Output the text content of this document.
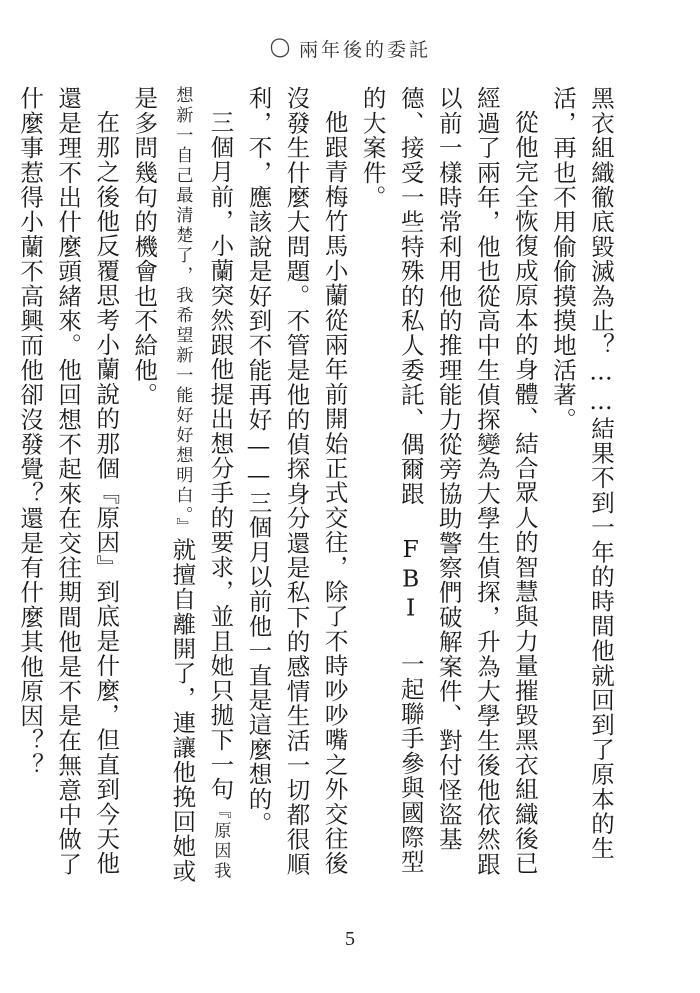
兩年後的委託

黑衣組織徹底毀滅為止？……結果不到一年的時間他就回到了原本的生活，再也不用偷偷摸摸地活著。

從他完全恢復成原本的身體、結合眾人的智慧與力量摧毀黑衣組織後已經過了兩年，他也從高中生偵探變為大學生偵探，升為大學生後他依然跟以前一樣時常利用他的推理能力從旁協助警察們破解案件、對付怪盜基德、接受一些特殊的私人委託、偶爾跟 FBI 一起聯手參與國際型的大案件。

他跟青梅竹馬小蘭從兩年前開始正式交往，除了不時吵吵嘴之外交往後沒發生什麼大問題。不管是他的偵探身分還是私下的感情生活一切都很順利，不，應該說是好到不能再好——三個月以前他一直是這麼想的。

三個月前，小蘭突然跟他提出想分手的要求，並且她只拋下一句『原因我想新一自己最清楚了，我希望新一能好好想明白。』就擅自離開了，連讓他挽回她或是多問幾句的機會也不給他。

在那之後他反覆思考小蘭說的那個『原因』到底是什麼，但直到今天他還是理不出什麼頭緒來。他回想不起來在交往期間他是不是在無意中做了什麼事惹得小蘭不高興而他卻沒發覺？還是有什麼其他原因？？

5
